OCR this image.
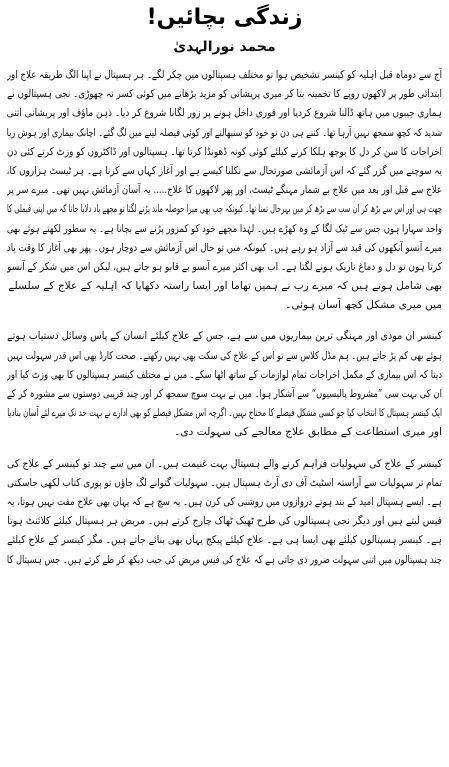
زندگی بچائیں!
محمد نورالہدیٰ
آج سے دوماہ قبل اہلیہ کو کینسر تشخیص ہوا تو مختلف ہسپتالوں میں چکر لگے۔ ہر ہسپتال نے اپنا الگ طریقہ علاج اور
ابتدائی طور پر لاکھوں روپے کا تخمینہ بتا کر میری پریشانی کو مزید بڑھانے میں کوئی کسر نہ چھوڑی۔ نجی ہسپتالوں نے
ہماری جیبوں میں ہاتھ ڈالنا شروع کردیا اور فوری داخل ہونے پر زور لگانا شروع کر دیا۔ ذہن ماؤف اور پریشانی اتنی
شدید کہ کچھ سمجھ نہیں آرہا تھا۔ کتنے ہی دن تو خود کو سنبھالنے اور کوئی فیصلہ لینے میں لگ گئے۔ اچانک بیماری اور ہوش ربا
اخراجات کا سن کر دل کا بوجھ ہلکا کرنے کیلئے کوئی کونہ ڈھونڈا کرتا تھا۔ ہسپتالوں اور ڈاکٹروں کو وزٹ کرتے کئی دن
یہ سوچنے میں گزر گئے کہ اس آزمائشی صورتحال سے نکلنا کیسے ہے اور آغاز کہاں سے کرنا ہے۔ ہر ٹیسٹ ہزاروں کا،
علاج سے قبل اور بعد میں علاج بے شمار مہنگے ٹیسٹ، اور پھر لاکھوں کا علاج..... یہ آسان آزمائش نہیں تھی۔ میرے سر پر
چھت ہی اور اس سے بڑھ کر ان سب سے بڑھ کر میں بہرحال تمنا تھا۔ کیونکہ جب بھی میرا حوصلہ ماند پڑنے لگتا تو مجھے یاد دلایا جاتا کہ میں اپنی فیملی کا
واحد سہارا ہوں جس سے ٹیک لگا کے وہ کھڑے ہیں۔ لہٰذا مجھے خود کو کمزور پڑنے سے بچانا ہے۔ یہ سطور لکھتے ہوئے بھی
میرے آنسو آنکھوں کی قید سے آزاد ہو رہے ہیں۔ کیونکہ میں تو حال اس آزمائش سے دوچار ہوں۔ پھر بھی آغاز کا وقت یاد
کرتا ہوں تو دل و دماغ تاریک ہونے لگتا ہے۔ اب بھی اکثر میرے آنسو بے قابو ہو جاتے ہیں، لیکن اس میں شکر کے آنسو
بھی شامل ہوتے ہیں کہ میرے رب نے ہمیں تھاما اور ایسا راستہ دکھایا کہ اہلیہ کے علاج کے سلسلے
میں میری مشکل کچھ آسان ہوئی۔
کینسر ان موذی اور مہنگی ترین بیماریوں میں سے ہے، جس کے علاج کیلئے انسان کے پاس وسائل دستیاب ہوتے
ہوئے بھی کم پڑ جاتے ہیں۔ ہم مڈل کلاس سے تو اس کے علاج کی سکت بھی نہیں رکھتے۔ صحت کارڈ بھی اس قدر سہولت نہیں
دیتا کہ اس بیماری کے مکمل اخراجات تمام لوازمات کے ساتھ اٹھا سکے۔ میں نے مختلف کینسر ہسپتالوں کا بھی وزٹ کیا اور
ان کی بہت سی ”مشروط پالیسیوں“ سے آشکار ہوا۔ میں نے بہت سوچ سمجھ کر اور چند قریبی دوستوں سے مشورہ کر کے
ایک کینسر ہسپتال کا انتخاب کیا جو کسی مشکل فیصلے کا محتاج نہیں۔ اگرچہ اس مشکل فیصلے کو بھی ادارے نے بہت حد تک میرے لئے آسان بنادیا
اور میری استطاعت کے مطابق علاج معالجے کی سہولت دی۔
کینسر کے علاج کی سہولیات فراہم کرنے والے ہسپتال بہت غنیمت ہیں۔ ان میں سے چند تو کینسر کے علاج کی
تمام تر سہولیات سے آراستہ اسٹیٹ آف دی آرٹ ہسپتال ہیں۔ سہولیات گنوانے لگ جاؤں تو پوری کتاب لکھی جاسکتی
ہے۔ ایسے ہسپتال امید کے بند ہوتے دروازوں میں روشنی کی کرن ہیں۔ یہ سچ ہے کہ یہاں بھی علاج مفت نہیں ہوتا، یہ
فیس لیتے ہیں اور دیگر نجی ہسپتالوں کی طرح ٹھیک ٹھاک چارج کرتے ہیں۔ مریض ہر ہسپتال کیلئے کلائنٹ ہوتا
ہے۔ کینسر ہسپتالوں کیلئے بھی ایسا ہی ہے۔ علاج کیلئے پیکج یہاں بھی بنائے جاتے ہیں۔ مگر کینسر کے علاج کیلئے
چند ہسپتالوں میں اتنی سہولت ضرور دی جاتی ہے کہ علاج کی فیس مریض کی جیب دیکھ کر طے کرتے ہیں۔ جس ہسپتال کا
